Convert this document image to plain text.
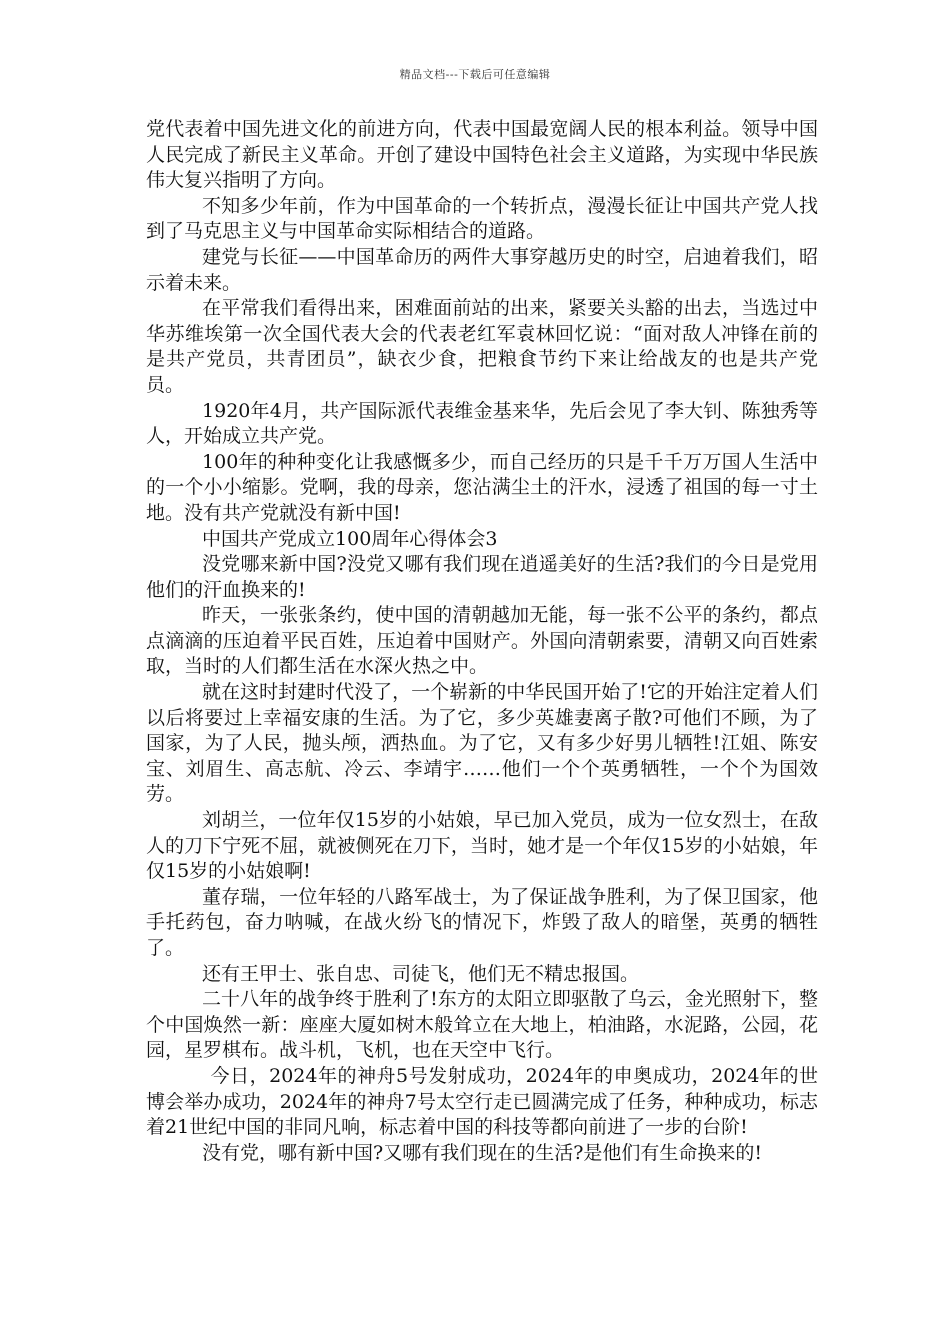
精品文档---下载后可任意编辑

党代表着中国先进文化的前进方向，代表中国最宽阔人民的根本利益。领导中国人民完成了新民主义革命。开创了建设中国特色社会主义道路，为实现中华民族伟大复兴指明了方向。

不知多少年前，作为中国革命的一个转折点，漫漫长征让中国共产党人找到了马克思主义与中国革命实际相结合的道路。

建党与长征——中国革命历的两件大事穿越历史的时空，启迪着我们，昭示着未来。

在平常我们看得出来，困难面前站的出来，紧要关头豁的出去，当选过中华苏维埃第一次全国代表大会的代表老红军袁林回忆说：“面对敌人冲锋在前的是共产党员，共青团员”，缺衣少食，把粮食节约下来让给战友的也是共产党员。

1920年4月，共产国际派代表维金基来华，先后会见了李大钊、陈独秀等人，开始成立共产党。

100年的种种变化让我感慨多少，而自己经历的只是千千万万国人生活中的一个小小缩影。党啊，我的母亲，您沾满尘土的汗水，浸透了祖国的每一寸土地。没有共产党就没有新中国!

中国共产党成立100周年心得体会3

没党哪来新中国?没党又哪有我们现在逍遥美好的生活?我们的今日是党用他们的汗血换来的!

昨天，一张张条约，使中国的清朝越加无能，每一张不公平的条约，都点点滴滴的压迫着平民百姓，压迫着中国财产。外国向清朝索要，清朝又向百姓索取，当时的人们都生活在水深火热之中。

就在这时封建时代没了，一个崭新的中华民国开始了!它的开始注定着人们以后将要过上幸福安康的生活。为了它，多少英雄妻离子散?可他们不顾，为了国家，为了人民，抛头颅，洒热血。为了它，又有多少好男儿牺牲!江姐、陈安宝、刘眉生、高志航、冷云、李靖宇……他们一个个英勇牺牲，一个个为国效劳。

刘胡兰，一位年仅15岁的小姑娘，早已加入党员，成为一位女烈士，在敌人的刀下宁死不屈，就被侧死在刀下，当时，她才是一个年仅15岁的小姑娘，年仅15岁的小姑娘啊!

董存瑞，一位年轻的八路军战士，为了保证战争胜利，为了保卫国家，他手托药包，奋力呐喊，在战火纷飞的情况下，炸毁了敌人的暗堡，英勇的牺牲了。

还有王甲士、张自忠、司徒飞，他们无不精忠报国。

二十八年的战争终于胜利了!东方的太阳立即驱散了乌云，金光照射下，整个中国焕然一新：座座大厦如树木般耸立在大地上，柏油路，水泥路，公园，花园，星罗棋布。战斗机，飞机，也在天空中飞行。

今日，2024年的神舟5号发射成功，2024年的申奥成功，2024年的世博会举办成功，2024年的神舟7号太空行走已圆满完成了任务，种种成功，标志着21世纪中国的非同凡响，标志着中国的科技等都向前进了一步的台阶!

没有党，哪有新中国?又哪有我们现在的生活?是他们有生命换来的!
